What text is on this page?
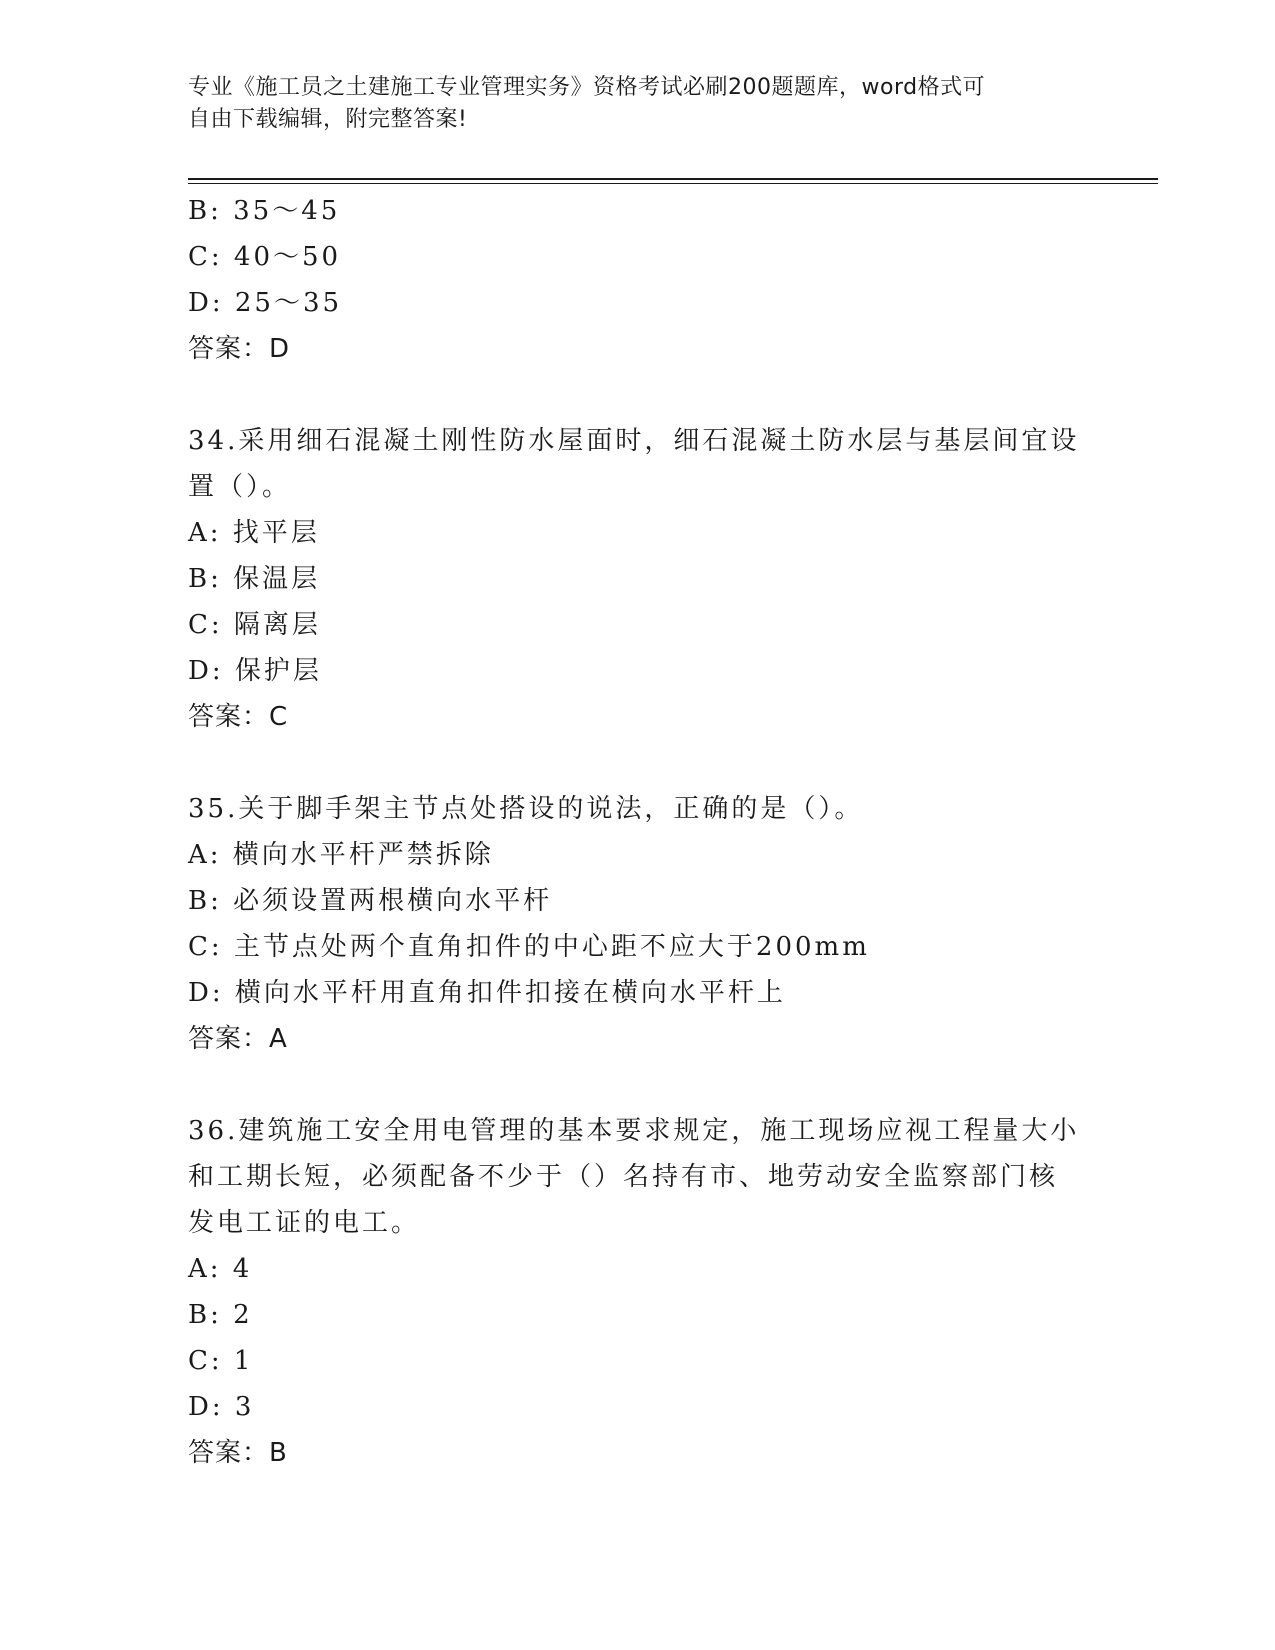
专业《施工员之土建施工专业管理实务》资格考试必刷200题题库，word格式可
自由下载编辑，附完整答案!
B: 35～45
C: 40～50
D: 25～35
答案：D
34.采用细石混凝土刚性防水屋面时，细石混凝土防水层与基层间宜设
置（）。
A: 找平层
B: 保温层
C: 隔离层
D: 保护层
答案：C
35.关于脚手架主节点处搭设的说法，正确的是（）。
A: 横向水平杆严禁拆除
B: 必须设置两根横向水平杆
C: 主节点处两个直角扣件的中心距不应大于200mm
D: 横向水平杆用直角扣件扣接在横向水平杆上
答案：A
36.建筑施工安全用电管理的基本要求规定，施工现场应视工程量大小
和工期长短，必须配备不少于（）名持有市、地劳动安全监察部门核
发电工证的电工。
A: 4
B: 2
C: 1
D: 3
答案：B
